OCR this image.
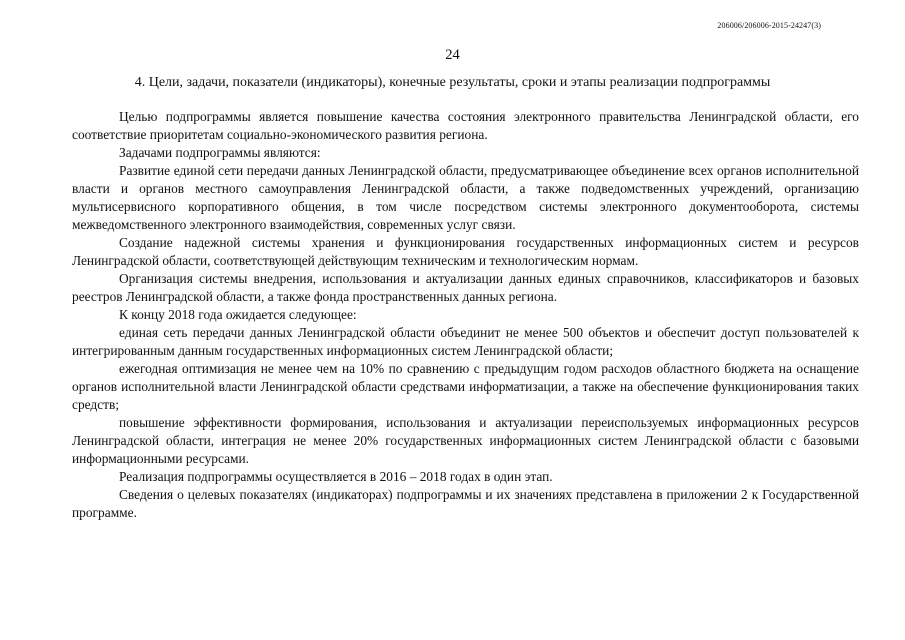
206006/206006-2015-24247(3)
24
4. Цели, задачи, показатели (индикаторы), конечные результаты, сроки и этапы реализации подпрограммы

Целью подпрограммы является повышение качества состояния электронного правительства Ленинградской области, его соответствие приоритетам социально-экономического развития региона.

Задачами подпрограммы являются:

Развитие единой сети передачи данных Ленинградской области, предусматривающее объединение всех органов исполнительной власти и органов местного самоуправления Ленинградской области, а также подведомственных учреждений, организацию мультисервисного корпоративного общения, в том числе посредством системы электронного документооборота, системы межведомственного электронного взаимодействия, современных услуг связи.

Создание надежной системы хранения и функционирования государственных информационных систем и ресурсов Ленинградской области, соответствующей действующим техническим и технологическим нормам.

Организация системы внедрения, использования и актуализации данных единых справочников, классификаторов и базовых реестров Ленинградской области, а также фонда пространственных данных региона.

К концу 2018 года ожидается следующее:

единая сеть передачи данных Ленинградской области объединит не менее 500 объектов и обеспечит доступ пользователей к интегрированным данным государственных информационных систем Ленинградской области;

ежегодная оптимизация не менее чем на 10% по сравнению с предыдущим годом расходов областного бюджета на оснащение органов исполнительной власти Ленинградской области средствами информатизации, а также на обеспечение функционирования таких средств;

повышение эффективности формирования, использования и актуализации переиспользуемых информационных ресурсов Ленинградской области, интеграция не менее 20% государственных информационных систем Ленинградской области с базовыми информационными ресурсами.

Реализация подпрограммы осуществляется в 2016 – 2018 годах в один этап.

Сведения о целевых показателях (индикаторах) подпрограммы и их значениях представлена в приложении 2 к Государственной программе.
